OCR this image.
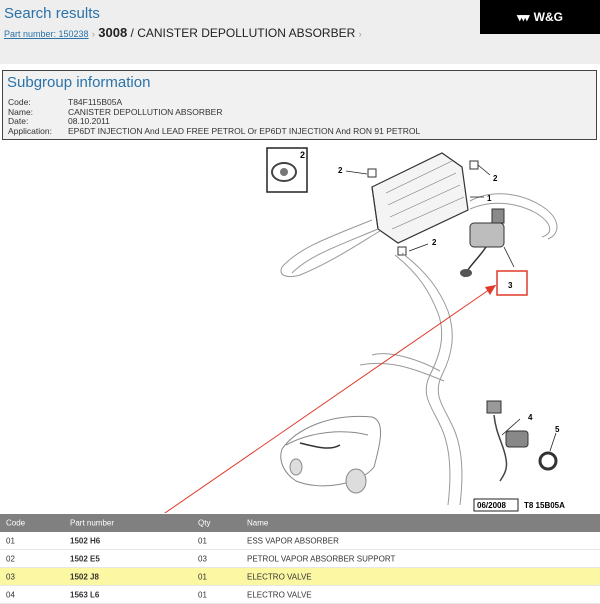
Search results
Part number: 150238 › 3008 / CANISTER DEPOLLUTION ABSORBER ›
▾▾▾ W&G
Subgroup information
Code:	T84F115B05A
Name:	CANISTER DEPOLLUTION ABSORBER
Date:	08.10.2011
Application:	EP6DT INJECTION And LEAD FREE PETROL Or EP6DT INJECTION And RON 91 PETROL
2
1
2
2
2
4
5
3
06/2008 T8 15B05A
Code	Part number	Qty	Name
01	1502 H6	01	ESS VAPOR ABSORBER
02	1502 E5	03	PETROL VAPOR ABSORBER SUPPORT
03	1502 J8	01	ELECTRO VALVE
04	1563 L6	01	ELECTRO VALVE
